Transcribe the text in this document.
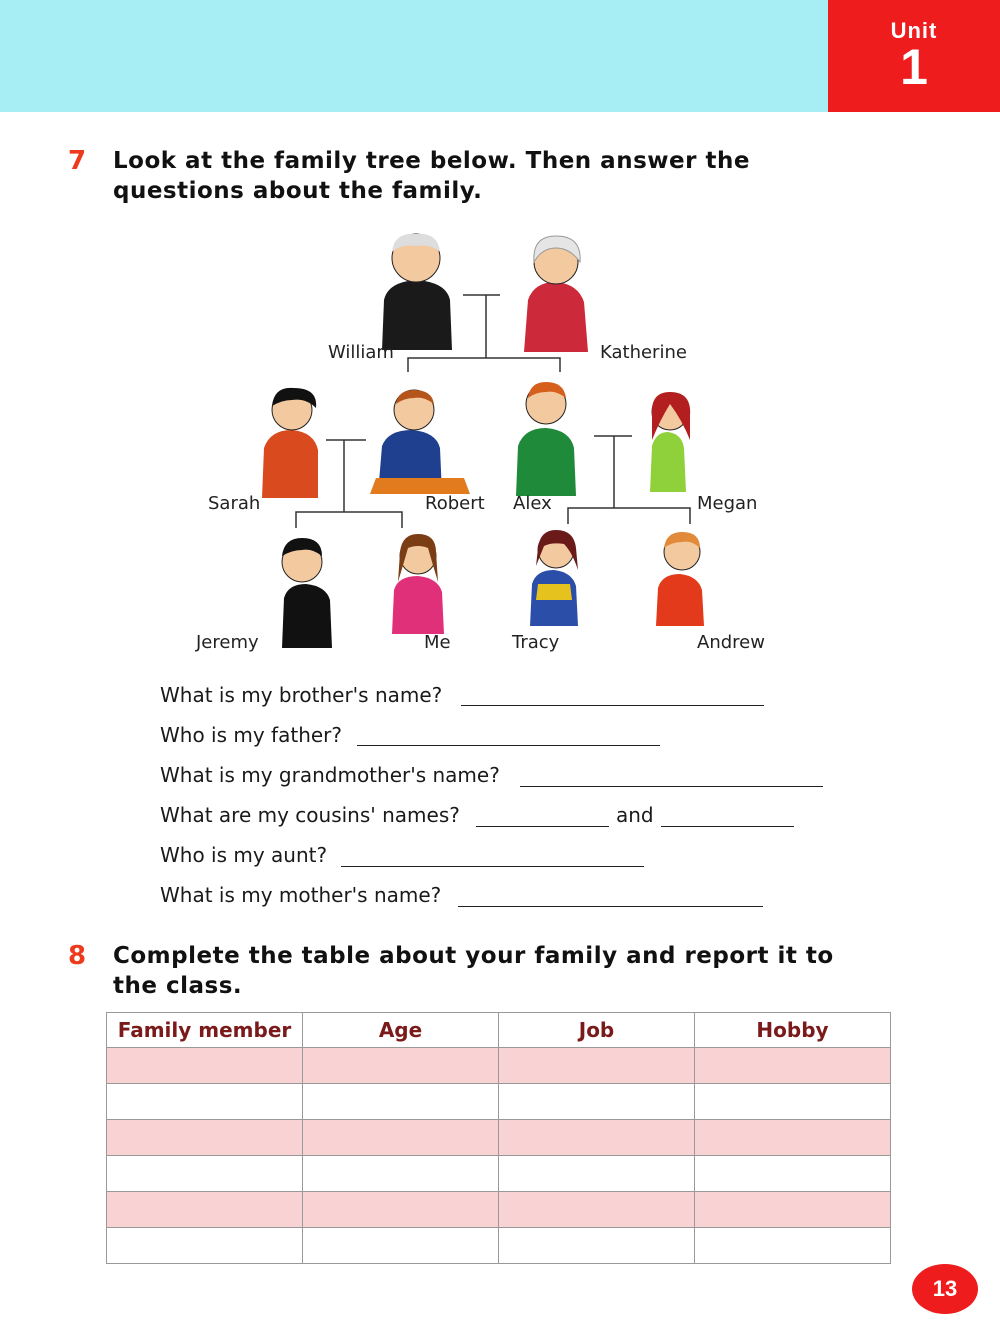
Unit
1
7 Look at the family tree below. Then answer the
questions about the family.
William	Katherine
Sarah	Robert Alex	Megan
Jeremy	Me	Tracy	Andrew
What is my brother's name?
Who is my father?
What is my grandmother's name?
What are my cousins' names?	and
Who is my aunt?
What is my mother's name?
8 Complete the table about your family and report it to
the class.
Family member	Age	Job	Hobby

13
